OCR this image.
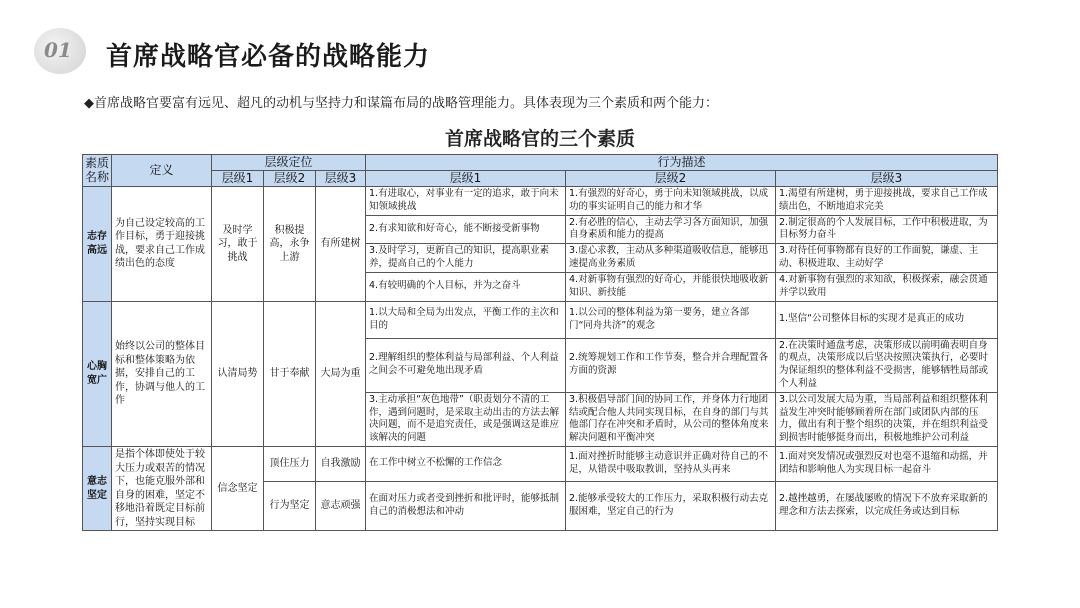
01 首席战略官必备的战略能力
◆首席战略官要富有远见、超凡的动机与坚持力和谋篇布局的战略管理能力。具体表现为三个素质和两个能力：
首席战略官的三个素质
素质名称	定义	层级定位			行为描述		
		层级1	层级2	层级3	层级1	层级2	层级3
志存高远	为自己设定较高的工作目标，勇于迎接挑战，要求自己工作成绩出色的态度	及时学习，敢于挑战	积极提高，永争上游	有所建树	1.有进取心，对事业有一定的追求，敢于向未知领域挑战	1.有强烈的好奇心，勇于向未知领域挑战，以成功的事实证明自己的能力和才华	1.渴望有所建树，勇于迎接挑战，要求自己工作成绩出色，不断地追求完美
					2.有求知欲和好奇心，能不断接受新事物	2.有必胜的信心，主动去学习各方面知识，加强自身素质和能力的提高	2.制定很高的个人发展目标，工作中积极进取，为目标努力奋斗
					3.及时学习，更新自己的知识，提高职业素养，提高自己的个人能力	3.虚心求教，主动从多种渠道吸收信息，能够迅速提高业务素质	3.对待任何事物都有良好的工作面貌，谦虚、主动、积极进取、主动好学
					4.有较明确的个人目标，并为之奋斗	4.对新事物有强烈的好奇心，并能很快地吸收新知识、新技能	4.对新事物有强烈的求知欲，积极探索，融会贯通并学以致用
心胸宽广	始终以公司的整体目标和整体策略为依据，安排自己的工作，协调与他人的工作	认清局势	甘于奉献	大局为重	1.以大局和全局为出发点，平衡工作的主次和目的	1.以公司的整体利益为第一要务，建立各部门“同舟共济”的观念	1.坚信“公司整体目标的实现才是真正的成功
					2.理解组织的整体利益与局部利益、个人利益之间会不可避免地出现矛盾	2.统筹规划工作和工作节奏，整合并合理配置各方面的资源	2.在决策时通盘考虑，决策形成以前明确表明自身的观点，决策形成以后坚决按照决策执行，必要时为保证组织的整体利益不受损害，能够牺牲局部或个人利益
					3.主动承担“灰色地带”（职责划分不清的工作，遇到问题时，是采取主动出击的方法去解决问题，而不是追究责任，或是强调这是谁应该解决的问题	3.积极倡导部门间的协同工作，并身体力行地团结或配合他人共同实现目标，在自身的部门与其他部门存在冲突和矛盾时，从公司的整体角度来解决问题和平衡冲突	3.以公司发展大局为重，当局部利益和组织整体利益发生冲突时能够顾着所在部门或团队内部的压力，做出有利于整个组织的决策，并在组织利益受到损害时能够挺身而出，积极地维护公司利益
意志坚定	是指个体即使处于较大压力或艰苦的情况下，也能克服外部和自身的困难，坚定不移地沿着既定目标前行，坚持实现目标	信念坚定	顶住压力	自我激励	在工作中树立不松懈的工作信念	1.面对挫折时能够主动意识并正确对待自己的不足，从错误中吸取教训，坚持从头再来	1.面对突发情况或强烈反对也毫不退缩和动摇，并团结和影响他人为实现目标一起奋斗
			行为坚定	意志顽强	在面对压力或者受到挫折和批评时，能够抵制自己的消极想法和冲动	2.能够承受较大的工作压力，采取积极行动去克服困难，坚定自己的行为	2.越挫越勇，在屡战屡败的情况下不放弃采取新的理念和方法去探索，以完成任务或达到目标
